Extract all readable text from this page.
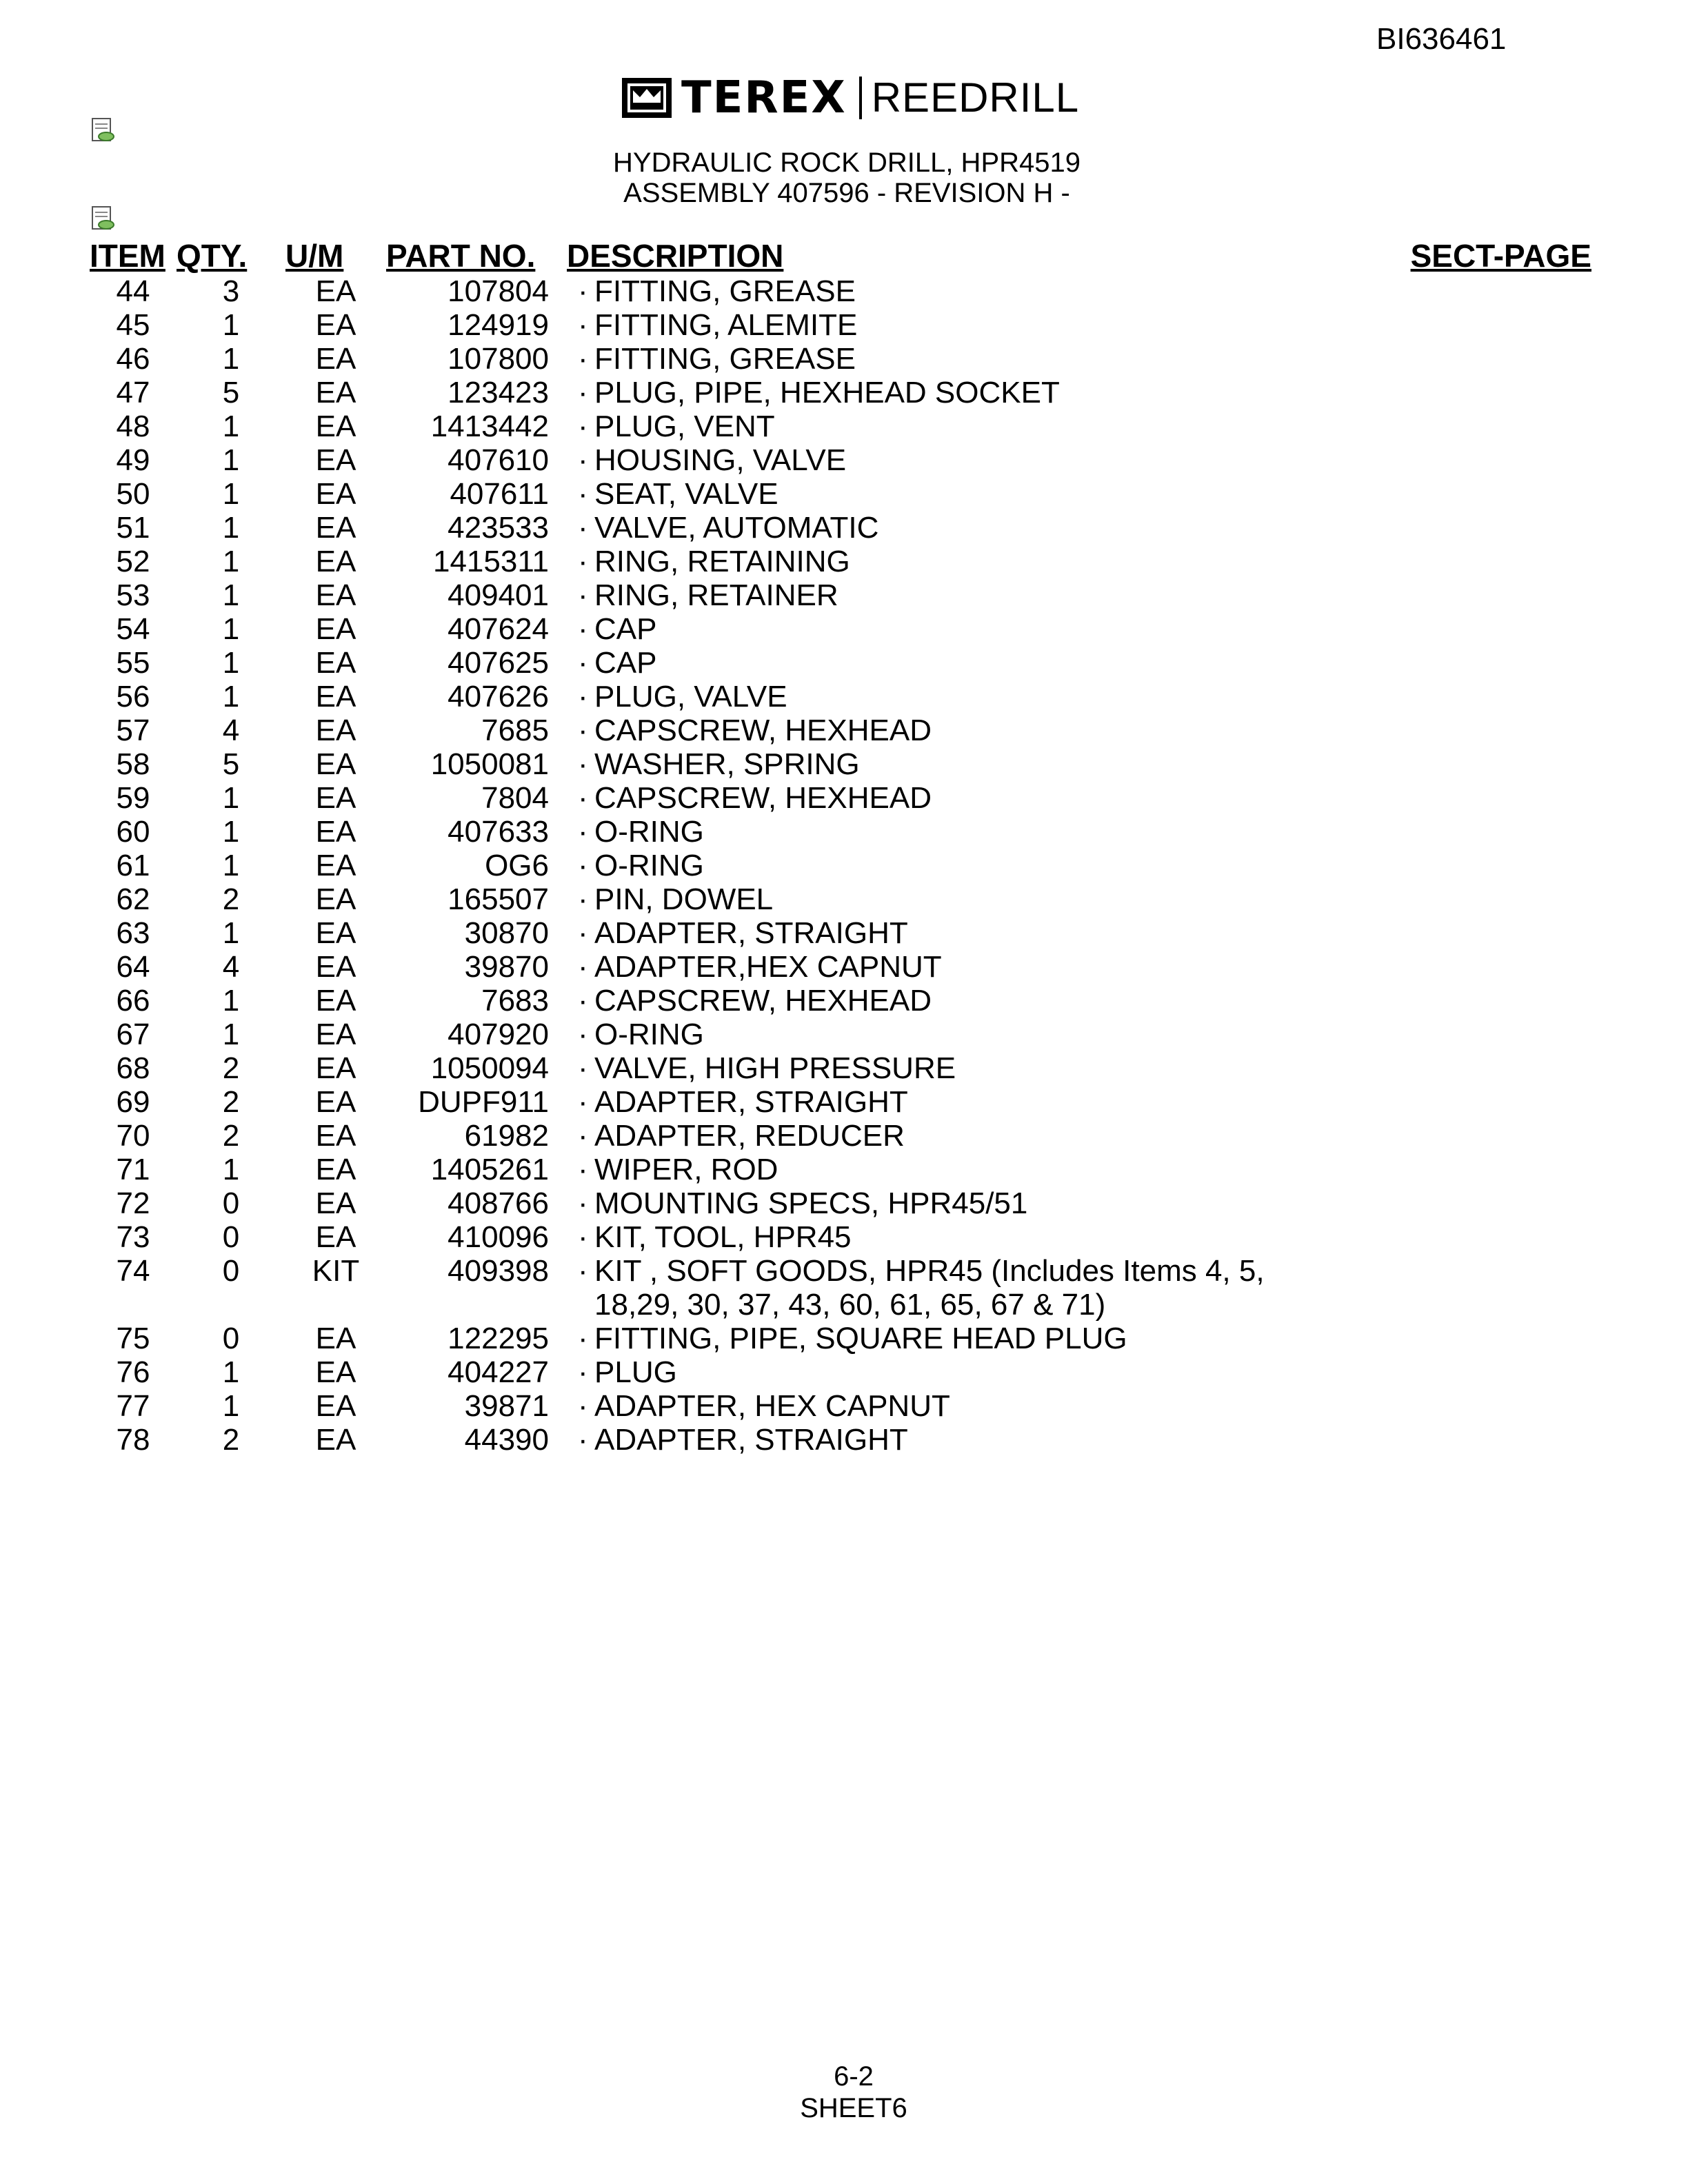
BI636461
TEREX REEDRILL
HYDRAULIC ROCK DRILL, HPR4519
ASSEMBLY 407596 - REVISION H -
ITEM	QTY.	U/M	PART NO.	DESCRIPTION	SECT-PAGE
44	3	EA	107804	· FITTING, GREASE	
45	1	EA	124919	· FITTING, ALEMITE	
46	1	EA	107800	· FITTING, GREASE	
47	5	EA	123423	· PLUG, PIPE, HEXHEAD SOCKET	
48	1	EA	1413442	· PLUG, VENT	
49	1	EA	407610	· HOUSING, VALVE	
50	1	EA	407611	· SEAT, VALVE	
51	1	EA	423533	· VALVE, AUTOMATIC	
52	1	EA	1415311	· RING, RETAINING	
53	1	EA	409401	· RING, RETAINER	
54	1	EA	407624	· CAP	
55	1	EA	407625	· CAP	
56	1	EA	407626	· PLUG, VALVE	
57	4	EA	7685	· CAPSCREW, HEXHEAD	
58	5	EA	1050081	· WASHER, SPRING	
59	1	EA	7804	· CAPSCREW, HEXHEAD	
60	1	EA	407633	· O-RING	
61	1	EA	OG6	· O-RING	
62	2	EA	165507	· PIN, DOWEL	
63	1	EA	30870	· ADAPTER, STRAIGHT	
64	4	EA	39870	· ADAPTER,HEX CAPNUT	
66	1	EA	7683	· CAPSCREW, HEXHEAD	
67	1	EA	407920	· O-RING	
68	2	EA	1050094	· VALVE, HIGH PRESSURE	
69	2	EA	DUPF911	· ADAPTER, STRAIGHT	
70	2	EA	61982	· ADAPTER, REDUCER	
71	1	EA	1405261	· WIPER, ROD	
72	0	EA	408766	· MOUNTING SPECS, HPR45/51	
73	0	EA	410096	· KIT, TOOL, HPR45	
74	0	KIT	409398	· KIT , SOFT GOODS, HPR45 (Includes Items 4, 5,
18,29, 30, 37, 43, 60, 61, 65, 67 & 71)	

75	0	EA	122295	· FITTING, PIPE, SQUARE HEAD PLUG	
76	1	EA	404227	· PLUG	
77	1	EA	39871	· ADAPTER, HEX CAPNUT	
78	2	EA	44390	· ADAPTER, STRAIGHT	
6-2
SHEET6
